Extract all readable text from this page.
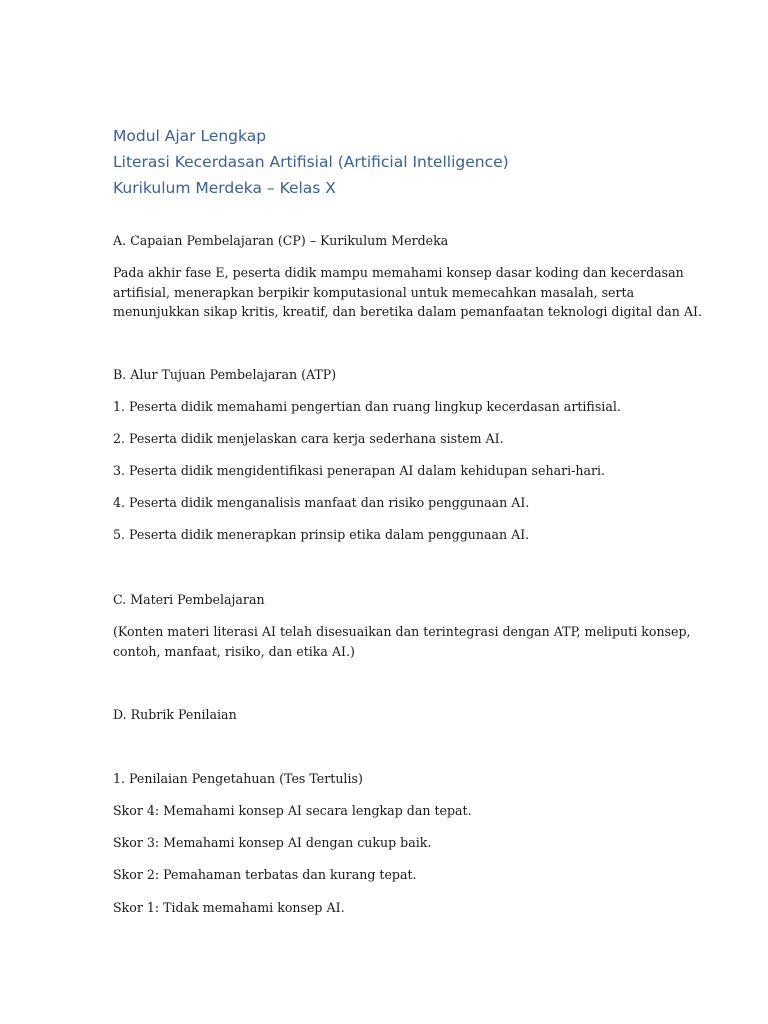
Modul Ajar Lengkap

Literasi Kecerdasan Artifisial (Artificial Intelligence)

Kurikulum Merdeka – Kelas X

A. Capaian Pembelajaran (CP) – Kurikulum Merdeka

Pada akhir fase E, peserta didik mampu memahami konsep dasar koding dan kecerdasan
artifisial, menerapkan berpikir komputasional untuk memecahkan masalah, serta
menunjukkan sikap kritis, kreatif, dan beretika dalam pemanfaatan teknologi digital dan AI.

B. Alur Tujuan Pembelajaran (ATP)

1. Peserta didik memahami pengertian dan ruang lingkup kecerdasan artifisial.

2. Peserta didik menjelaskan cara kerja sederhana sistem AI.

3. Peserta didik mengidentifikasi penerapan AI dalam kehidupan sehari-hari.

4. Peserta didik menganalisis manfaat dan risiko penggunaan AI.

5. Peserta didik menerapkan prinsip etika dalam penggunaan AI.

C. Materi Pembelajaran

(Konten materi literasi AI telah disesuaikan dan terintegrasi dengan ATP, meliputi konsep,
contoh, manfaat, risiko, dan etika AI.)

D. Rubrik Penilaian

1. Penilaian Pengetahuan (Tes Tertulis)

Skor 4: Memahami konsep AI secara lengkap dan tepat.

Skor 3: Memahami konsep AI dengan cukup baik.

Skor 2: Pemahaman terbatas dan kurang tepat.

Skor 1: Tidak memahami konsep AI.
